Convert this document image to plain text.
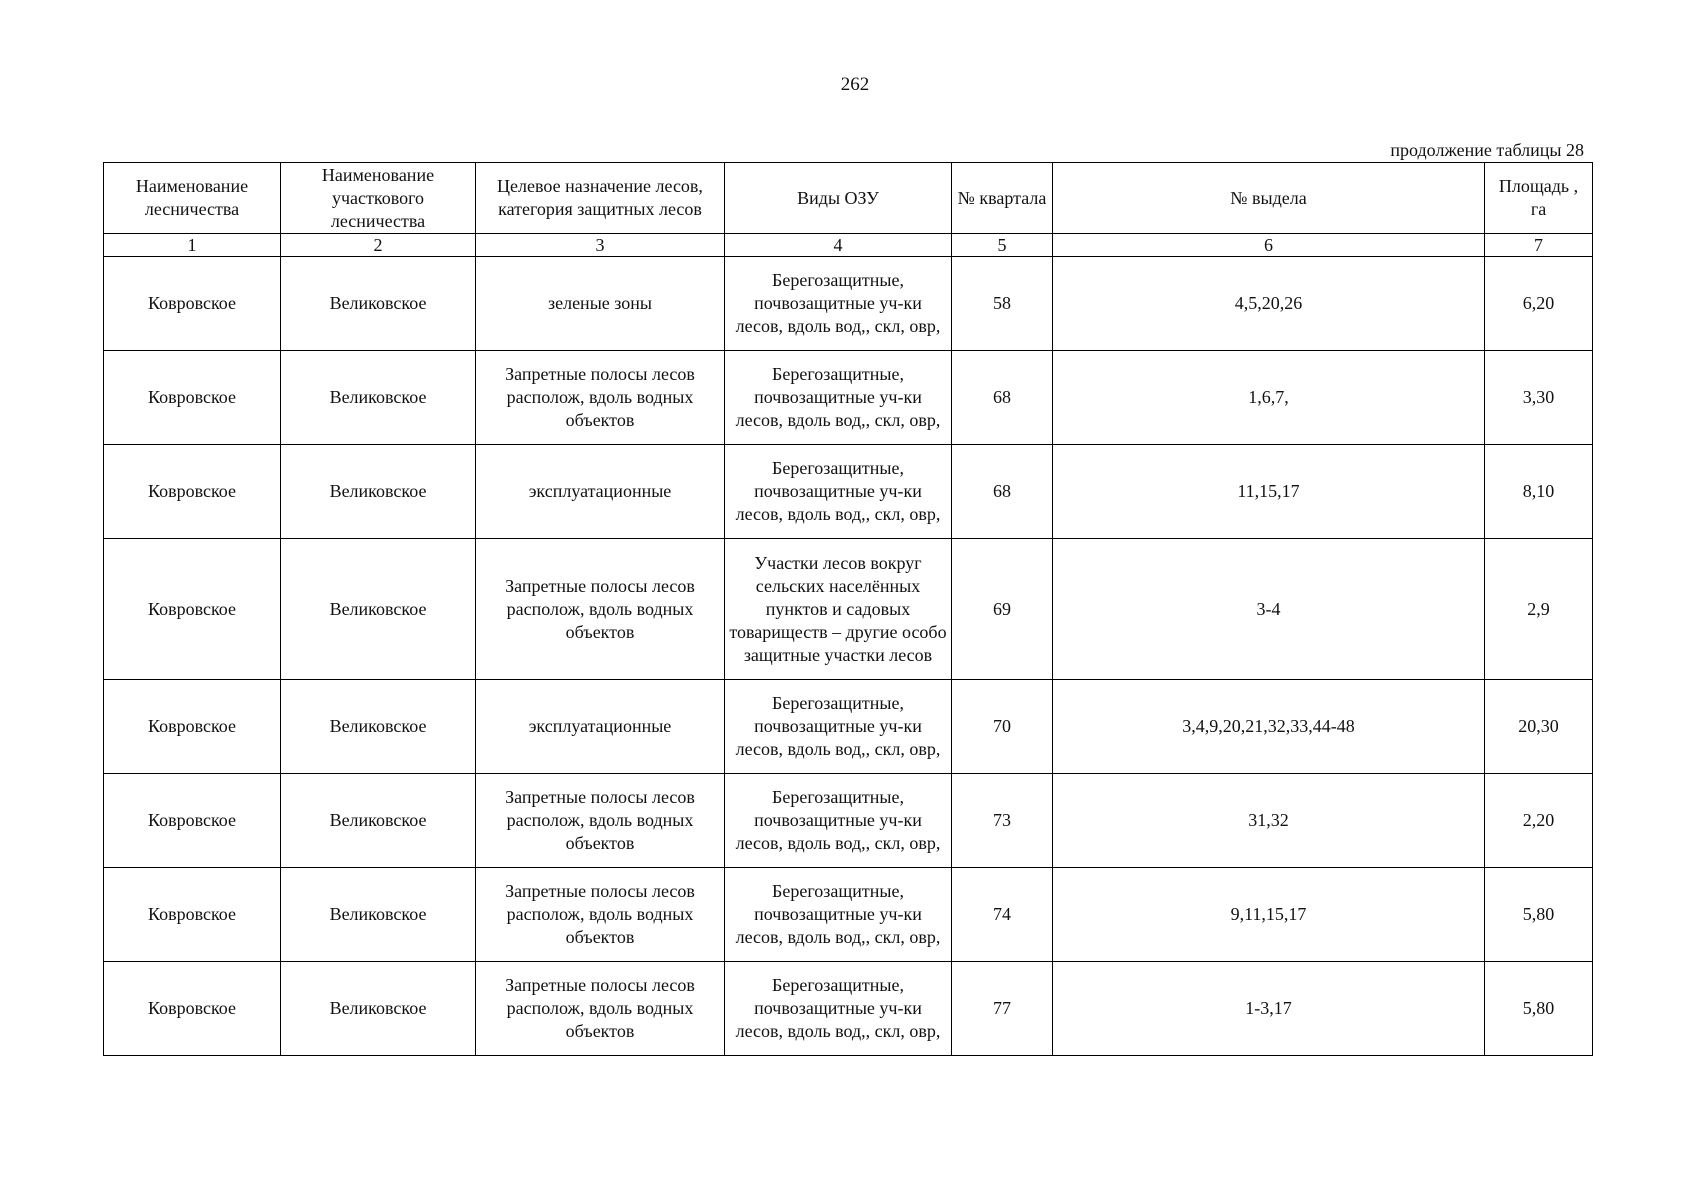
262
продолжение таблицы 28
Наименование лесничества	Наименование участкового лесничества	Целевое назначение лесов, категория защитных лесов	Виды ОЗУ	№ квартала	№ выдела	Площадь , га
1	2	3	4	5	6	7
Ковровское	Великовское	зеленые зоны	Берегозащитные, почвозащитные уч-ки лесов, вдоль вод,, скл, овр,	58	4,5,20,26	6,20
Ковровское	Великовское	Запретные полосы лесов располож, вдоль водных объектов	Берегозащитные, почвозащитные уч-ки лесов, вдоль вод,, скл, овр,	68	1,6,7,	3,30
Ковровское	Великовское	эксплуатационные	Берегозащитные, почвозащитные уч-ки лесов, вдоль вод,, скл, овр,	68	11,15,17	8,10
Ковровское	Великовское	Запретные полосы лесов располож, вдоль водных объектов	Участки лесов вокруг сельских населённых пунктов и садовых товариществ – другие особо защитные участки лесов	69	3-4	2,9
Ковровское	Великовское	эксплуатационные	Берегозащитные, почвозащитные уч-ки лесов, вдоль вод,, скл, овр,	70	3,4,9,20,21,32,33,44-48	20,30
Ковровское	Великовское	Запретные полосы лесов располож, вдоль водных объектов	Берегозащитные, почвозащитные уч-ки лесов, вдоль вод,, скл, овр,	73	31,32	2,20
Ковровское	Великовское	Запретные полосы лесов располож, вдоль водных объектов	Берегозащитные, почвозащитные уч-ки лесов, вдоль вод,, скл, овр,	74	9,11,15,17	5,80
Ковровское	Великовское	Запретные полосы лесов располож, вдоль водных объектов	Берегозащитные, почвозащитные уч-ки лесов, вдоль вод,, скл, овр,	77	1-3,17	5,80
